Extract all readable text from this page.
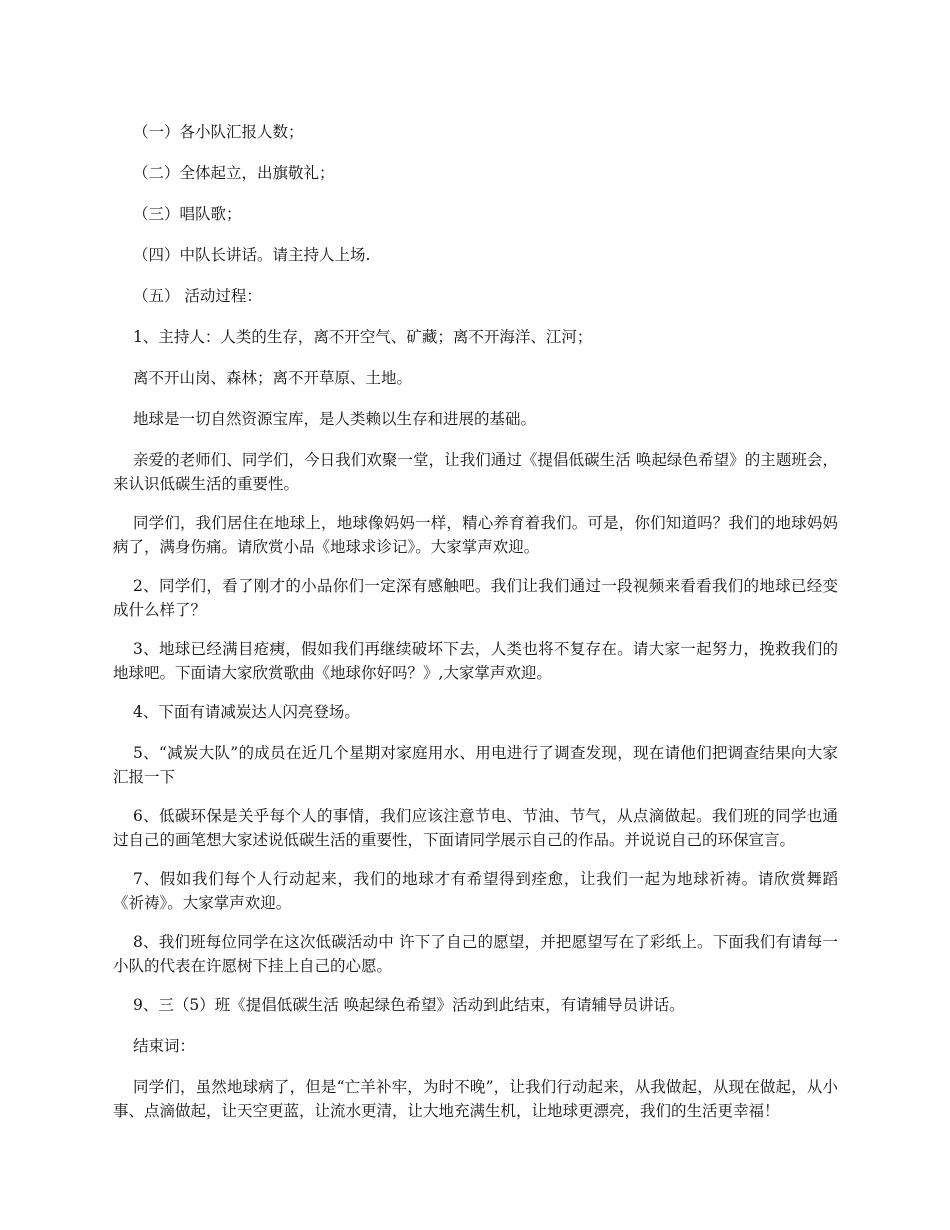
（一）各小队汇报人数；

（二）全体起立，出旗敬礼；

（三）唱队歌；

（四）中队长讲话。请主持人上场.

（五） 活动过程：

1、主持人：人类的生存，离不开空气、矿藏；离不开海洋、江河；

离不开山岗、森林；离不开草原、土地。

地球是一切自然资源宝库，是人类赖以生存和进展的基础。

亲爱的老师们、同学们，今日我们欢聚一堂，让我们通过《提倡低碳生活 唤起绿色希望》的主题班会，来认识低碳生活的重要性。

同学们，我们居住在地球上，地球像妈妈一样，精心养育着我们。可是，你们知道吗？我们的地球妈妈病了，满身伤痛。请欣赏小品《地球求诊记》。大家掌声欢迎。

2、同学们，看了刚才的小品你们一定深有感触吧。我们让我们通过一段视频来看看我们的地球已经变成什么样了？

3、地球已经满目疮痍，假如我们再继续破坏下去，人类也将不复存在。请大家一起努力，挽救我们的地球吧。下面请大家欣赏歌曲《地球你好吗？》,大家掌声欢迎。

4、下面有请减炭达人闪亮登场。

5、“减炭大队”的成员在近几个星期对家庭用水、用电进行了调查发现，现在请他们把调查结果向大家汇报一下

6、低碳环保是关乎每个人的事情，我们应该注意节电、节油、节气，从点滴做起。我们班的同学也通过自己的画笔想大家述说低碳生活的重要性，下面请同学展示自己的作品。并说说自己的环保宣言。

7、假如我们每个人行动起来，我们的地球才有希望得到痊愈，让我们一起为地球祈祷。请欣赏舞蹈《祈祷》。大家掌声欢迎。

8、我们班每位同学在这次低碳活动中 许下了自己的愿望，并把愿望写在了彩纸上。下面我们有请每一小队的代表在许愿树下挂上自己的心愿。

9、三（5）班《提倡低碳生活 唤起绿色希望》活动到此结束，有请辅导员讲话。

结束词：

同学们，虽然地球病了，但是“亡羊补牢，为时不晚”，让我们行动起来，从我做起，从现在做起，从小事、点滴做起，让天空更蓝，让流水更清，让大地充满生机，让地球更漂亮，我们的生活更幸福！
